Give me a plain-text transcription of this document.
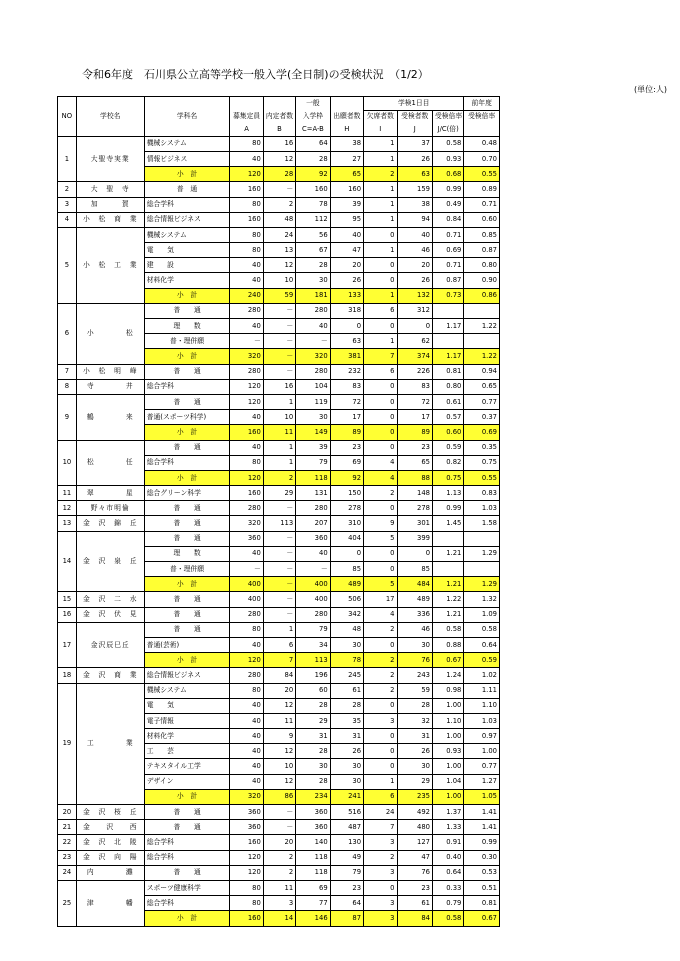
令和6年度　石川県公立高等学校一般入学(全日制)の受検状況　（1/2）
(単位:人)
					一般		学検1日目			前年度
NO	学校名	学科名	募集定員	内定者数	入学枠	出願者数	欠席者数	受検者数	受検倍率	受検倍率
			A	B	C=A-B	H	I	J	J/C(倍)	
1	大聖寺実業	機械システム	80	16	64	38	1	37	0.58	0.48
		情報ビジネス	40	12	28	27	1	26	0.93	0.70
		小　計	120	28	92	65	2	63	0.68	0.55
2	大　聖　寺	普　通	160	－	160	160	1	159	0.99	0.89
3	加　　　賀	総合学科	80	2	78	39	1	38	0.49	0.71
4	小　松　商　業	総合情報ビジネス	160	48	112	95	1	94	0.84	0.60
5	小　松　工　業	機械システム	80	24	56	40	0	40	0.71	0.85
		電　　気	80	13	67	47	1	46	0.69	0.87
		建　　設	40	12	28	20	0	20	0.71	0.80
		材料化学	40	10	30	26	0	26	0.87	0.90
		小　計	240	59	181	133	1	132	0.73	0.86
6	小　　　　松	普　　通	280	－	280	318	6	312		
		理　　数	40	－	40	0	0	0	1.17	1.22
		普・理併願	－	－	－	63	1	62		
		小　計	320	－	320	381	7	374	1.17	1.22
7	小　松　明　峰	普　　通	280	－	280	232	6	226	0.81	0.94
8	寺　　　　井	総合学科	120	16	104	83	0	83	0.80	0.65
9	鶴　　　　来	普　　通	120	1	119	72	0	72	0.61	0.77
		普通(スポーツ科学)	40	10	30	17	0	17	0.57	0.37
		小　計	160	11	149	89	0	89	0.60	0.69
10	松　　　　任	普　　通	40	1	39	23	0	23	0.59	0.35
		総合学科	80	1	79	69	4	65	0.82	0.75
		小　計	120	2	118	92	4	88	0.75	0.55
11	翠　　　　星	総合グリーン科学	160	29	131	150	2	148	1.13	0.83
12	野々市明倫	普　　通	280	－	280	278	0	278	0.99	1.03
13	金　沢　錦　丘	普　　通	320	113	207	310	9	301	1.45	1.58
14	金　沢　泉　丘	普　　通	360	－	360	404	5	399		
		理　　数	40	－	40	0	0	0	1.21	1.29
		普・理併願	－	－	－	85	0	85		
		小　計	400	－	400	489	5	484	1.21	1.29
15	金　沢　二　水	普　　通	400	－	400	506	17	489	1.22	1.32
16	金　沢　伏　見	普　　通	280	－	280	342	4	336	1.21	1.09
17	金沢辰巳丘	普　　通	80	1	79	48	2	46	0.58	0.58
		普通(芸術)	40	6	34	30	0	30	0.88	0.64
		小　計	120	7	113	78	2	76	0.67	0.59
18	金　沢　商　業	総合情報ビジネス	280	84	196	245	2	243	1.24	1.02
19	工　　　　業	機械システム	80	20	60	61	2	59	0.98	1.11
		電　　気	40	12	28	28	0	28	1.00	1.10
		電子情報	40	11	29	35	3	32	1.10	1.03
		材料化学	40	9	31	31	0	31	1.00	0.97
		工　　芸	40	12	28	26	0	26	0.93	1.00
		テキスタイル工学	40	10	30	30	0	30	1.00	0.77
		デザイン	40	12	28	30	1	29	1.04	1.27
		小　計	320	86	234	241	6	235	1.00	1.05
20	金　沢　桜　丘	普　　通	360	－	360	516	24	492	1.37	1.41
21	金　　沢　　西	普　　通	360	－	360	487	7	480	1.33	1.41
22	金　沢　北　陵	総合学科	160	20	140	130	3	127	0.91	0.99
23	金　沢　向　陽	総合学科	120	2	118	49	2	47	0.40	0.30
24	内　　　　灘	普　　通	120	2	118	79	3	76	0.64	0.53
25	津　　　　幡	スポーツ健康科学	80	11	69	23	0	23	0.33	0.51
		総合学科	80	3	77	64	3	61	0.79	0.81
		小　計	160	14	146	87	3	84	0.58	0.67
